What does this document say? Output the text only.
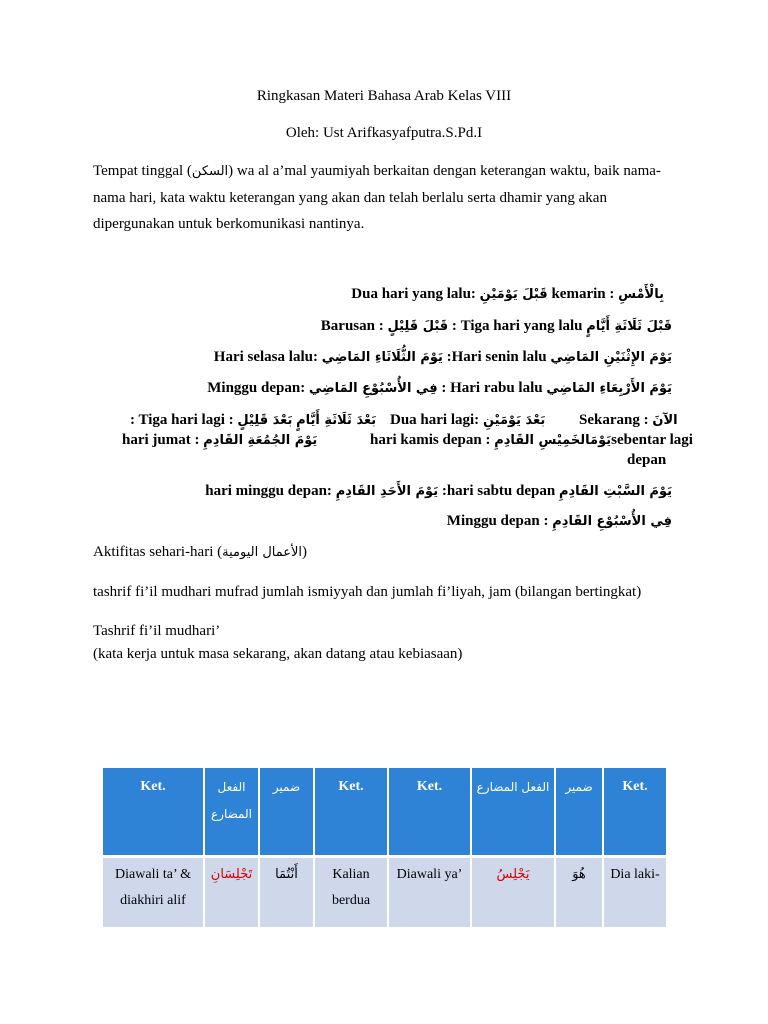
Ringkasan Materi Bahasa Arab Kelas VIII
Oleh: Ust Arifkasyafputra.S.Pd.I
Tempat tinggal (السكن) wa al a’mal yaumiyah berkaitan dengan keterangan waktu, baik nama-nama hari, kata waktu keterangan yang akan dan telah berlalu serta dhamir yang akan dipergunakan untuk berkomunikasi nantinya.
Dua hari yang lalu: قَبْلَ يَوْمَيْنِ kemarin : بِالْأَمْسِ
Barusan : قَبْلَ قَلِيْلٍ : Tiga hari yang lalu قَبْلَ ثَلَاثَةِ أَيَّامٍ
Hari selasa lalu: يَوْمَ الثُّلَاثَاءِ المَاضِي :Hari senin lalu يَوْمَ الإِثْنَيْنِ المَاضِي
Minggu depan: فِي الأُسْبُوْعِ المَاضِي : Hari rabu lalu يَوْمَ الأَرْبِعَاءِ المَاضِي
: Tiga hari lagi :	بَعْدَ ثَلَاثَةِ أَيَّامٍ بَعْدَ قَلِيْلٍ	Dua hari lagi: بَعْدَ يَوْمَيْنِ Sekarang : الآنَ
hari jumat : يَوْمَ الجُمُعَةِ القَادِمِ	hari kamis depan : يَوْمَالخَمِيْسِ القَادِمِsebentar lagi
depan
hari minggu depan: يَوْمَ الأَحَدِ القَادِمِ :hari sabtu depan يَوْمَ السَّبْتِ القَادِمِ
Minggu depan : فِي الأُسْبُوْعِ القَادِمِ
Aktifitas sehari-hari (الأعمال اليومية)
tashrif fi’il mudhari mufrad jumlah ismiyyah dan jumlah fi’liyah, jam (bilangan bertingkat)
Tashrif fi’il mudhari’
(kata kerja untuk masa sekarang, akan datang atau kebiasaan)
Ket.	الفعل المضارع	ضمير	Ket.	Ket.	الفعل المضارع	ضمير	Ket.
Diawali ta’ & diakhiri alif	تَجْلِسَانِ	أَنْتُمَا	Kalian berdua	Diawali ya’	يَجْلِسُ	هُوَ	Dia laki-
